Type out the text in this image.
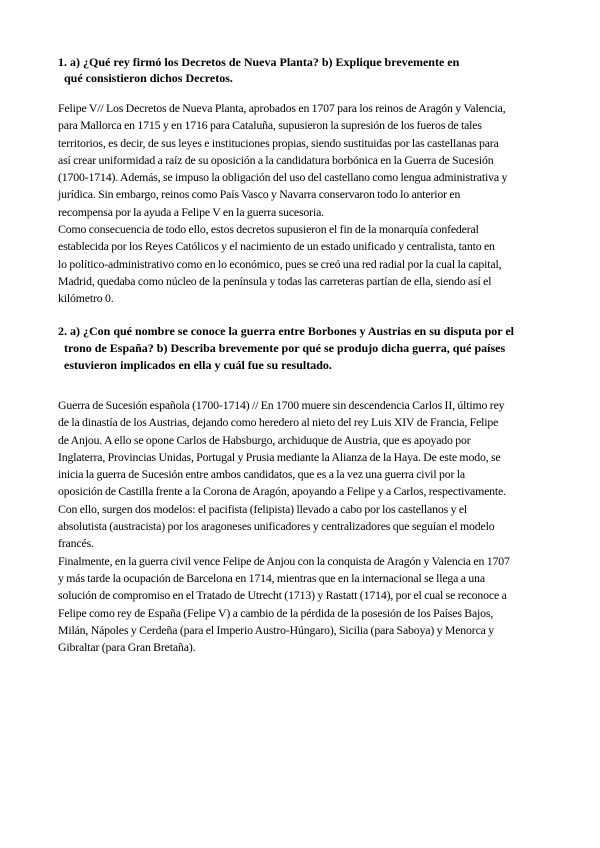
1. a) ¿Qué rey firmó los Decretos de Nueva Planta? b) Explique brevemente en
qué consistieron dichos Decretos.
Felipe V// Los Decretos de Nueva Planta, aprobados en 1707 para los reinos de Aragón y Valencia,
para Mallorca en 1715 y en 1716 para Cataluña, supusieron la supresión de los fueros de tales
territorios, es decir, de sus leyes e instituciones propias, siendo sustituidas por las castellanas para
así crear uniformidad a raíz de su oposición a la candidatura borbónica en la Guerra de Sucesión
(1700-1714). Además, se impuso la obligación del uso del castellano como lengua administrativa y
jurídica. Sin embargo, reinos como País Vasco y Navarra conservaron todo lo anterior en
recompensa por la ayuda a Felipe V en la guerra sucesoria.
Como consecuencia de todo ello, estos decretos supusieron el fin de la monarquía confederal
establecida por los Reyes Católicos y el nacimiento de un estado unificado y centralista, tanto en
lo político-administrativo como en lo económico, pues se creó una red radial por la cual la capital,
Madrid, quedaba como núcleo de la península y todas las carreteras partían de ella, siendo así el
kilómetro 0.
2. a) ¿Con qué nombre se conoce la guerra entre Borbones y Austrias en su disputa por el
trono de España? b) Describa brevemente por qué se produjo dicha guerra, qué países
estuvieron implicados en ella y cuál fue su resultado.
Guerra de Sucesión española (1700-1714) // En 1700 muere sin descendencia Carlos II, último rey
de la dinastía de los Austrias, dejando como heredero al nieto del rey Luis XIV de Francia, Felipe
de Anjou. A ello se opone Carlos de Habsburgo, archiduque de Austria, que es apoyado por
Inglaterra, Provincias Unidas, Portugal y Prusia mediante la Alianza de la Haya. De este modo, se
inicia la guerra de Sucesión entre ambos candidatos, que es a la vez una guerra civil por la
oposición de Castilla frente a la Corona de Aragón, apoyando a Felipe y a Carlos, respectivamente.
Con ello, surgen dos modelos: el pacifista (felipista) llevado a cabo por los castellanos y el
absolutista (austracista) por los aragoneses unificadores y centralizadores que seguían el modelo
francés.
Finalmente, en la guerra civil vence Felipe de Anjou con la conquista de Aragón y Valencia en 1707
y más tarde la ocupación de Barcelona en 1714, mientras que en la internacional se llega a una
solución de compromiso en el Tratado de Utrecht (1713) y Rastatt (1714), por el cual se reconoce a
Felipe como rey de España (Felipe V) a cambio de la pérdida de la posesión de los Países Bajos,
Milán, Nápoles y Cerdeña (para el Imperio Austro-Húngaro), Sicilia (para Saboya) y Menorca y
Gibraltar (para Gran Bretaña).
